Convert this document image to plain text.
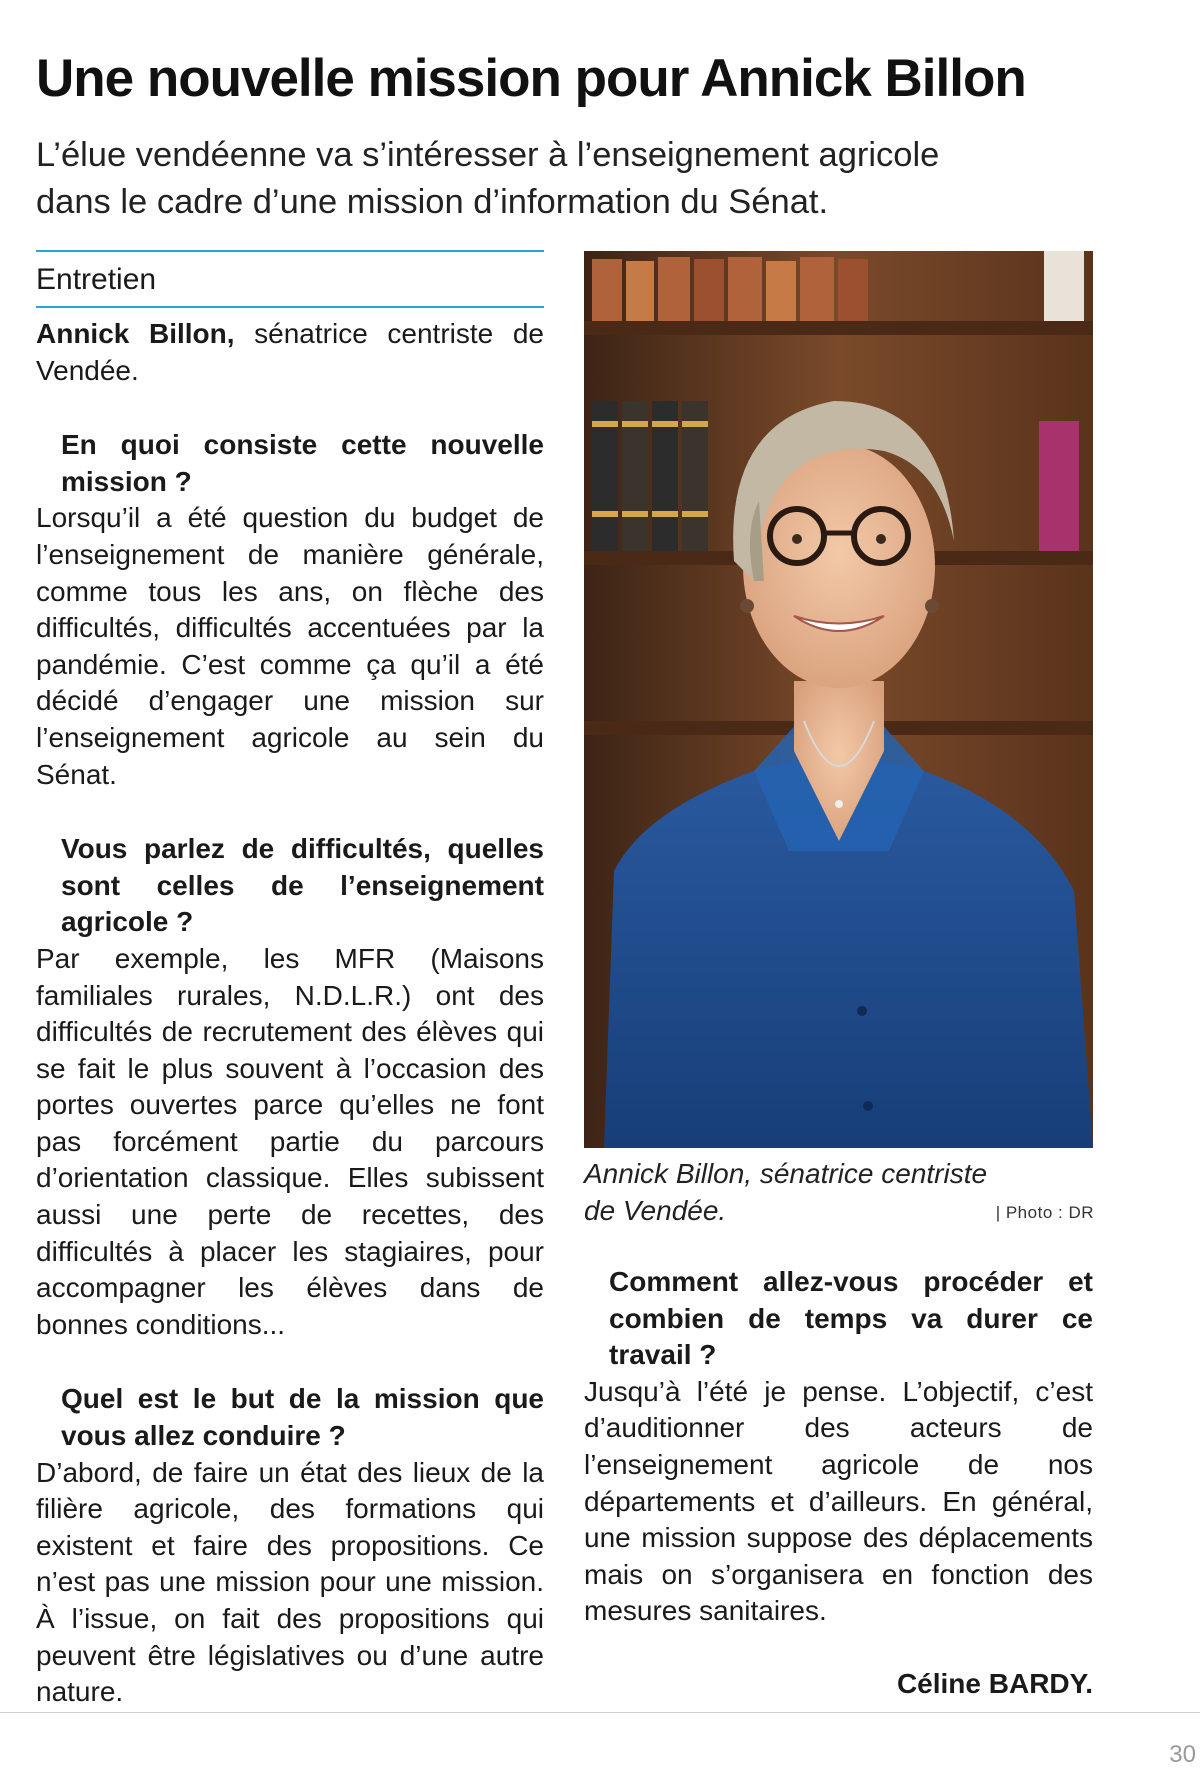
Une nouvelle mission pour Annick Billon

L’élue vendéenne va s’intéresser à l’enseignement agricole
dans le cadre d’une mission d’information du Sénat.

Entretien

Annick Billon, sénatrice centriste de Vendée.

En quoi consiste cette nouvelle mission ?

Lorsqu’il a été question du budget de l’enseignement de manière générale, comme tous les ans, on flèche des difficultés, difficultés accentuées par la pandémie. C’est comme ça qu’il a été décidé d’engager une mission sur l’enseignement agricole au sein du Sénat.

Vous parlez de difficultés, quelles sont celles de l’enseignement agricole ?

Par exemple, les MFR (Maisons familiales rurales, N.D.L.R.) ont des difficultés de recrutement des élèves qui se fait le plus souvent à l’occasion des portes ouvertes parce qu’elles ne font pas forcément partie du parcours d’orientation classique. Elles subissent aussi une perte de recettes, des difficultés à placer les stagiaires, pour accompagner les élèves dans de bonnes conditions...

Quel est le but de la mission que vous allez conduire ?

D’abord, de faire un état des lieux de la filière agricole, des formations qui existent et faire des propositions. Ce n’est pas une mission pour une mission. À l’issue, on fait des propositions qui peuvent être législatives ou d’une autre nature.

Annick Billon, sénatrice centriste
de Vendée.	| Photo : DR

Comment allez-vous procéder et combien de temps va durer ce travail ?

Jusqu’à l’été je pense. L’objectif, c’est d’auditionner des acteurs de l’enseignement agricole de nos départements et d’ailleurs. En général, une mission suppose des déplacements mais on s’organisera en fonction des mesures sanitaires.

Céline BARDY.
30
